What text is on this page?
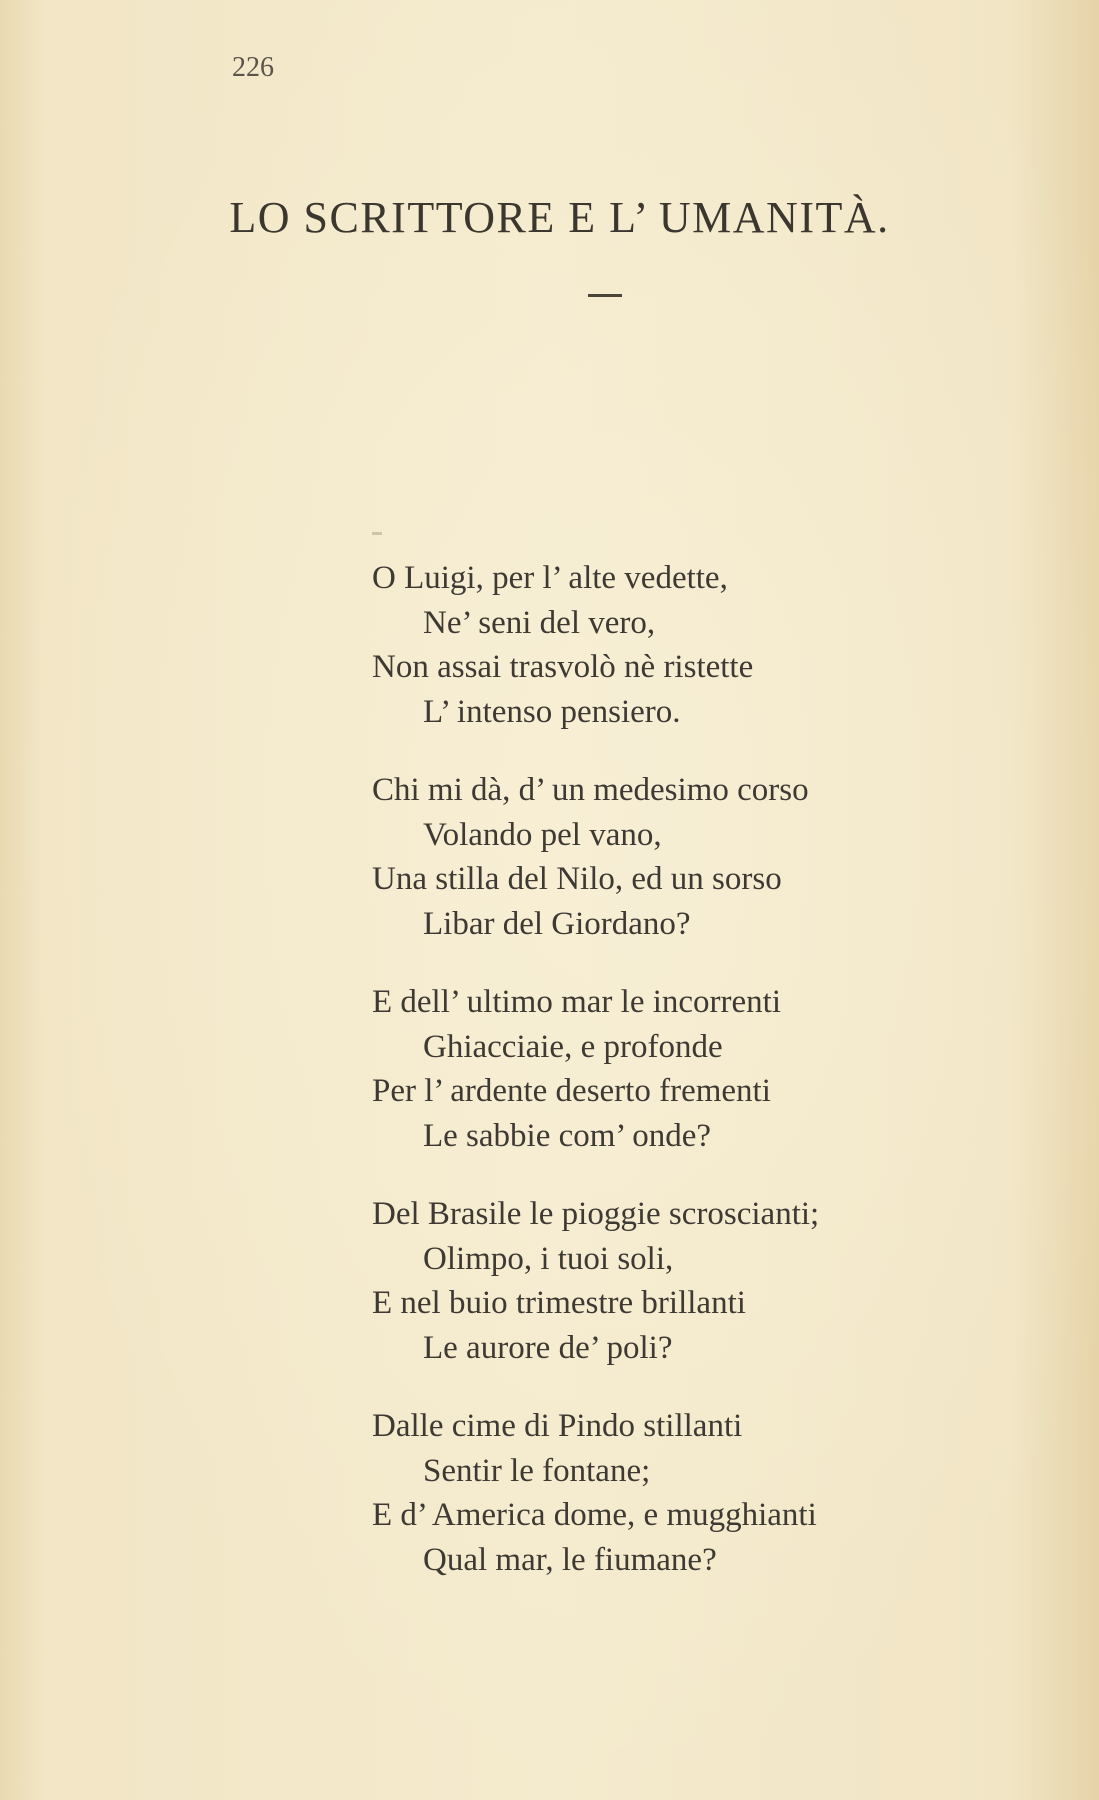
226
LO SCRITTORE E L’ UMANITÀ.
O Luigi, per l’ alte vedette,
Ne’ seni del vero,
Non assai trasvolò nè ristette
L’ intenso pensiero.
Chi mi dà, d’ un medesimo corso
Volando pel vano,
Una stilla del Nilo, ed un sorso
Libar del Giordano?
E dell’ ultimo mar le incorrenti
Ghiacciaie, e profonde
Per l’ ardente deserto frementi
Le sabbie com’ onde?
Del Brasile le pioggie scroscianti;
Olimpo, i tuoi soli,
E nel buio trimestre brillanti
Le aurore de’ poli?
Dalle cime di Pindo stillanti
Sentir le fontane;
E d’ America dome, e mugghianti
Qual mar, le fiumane?
